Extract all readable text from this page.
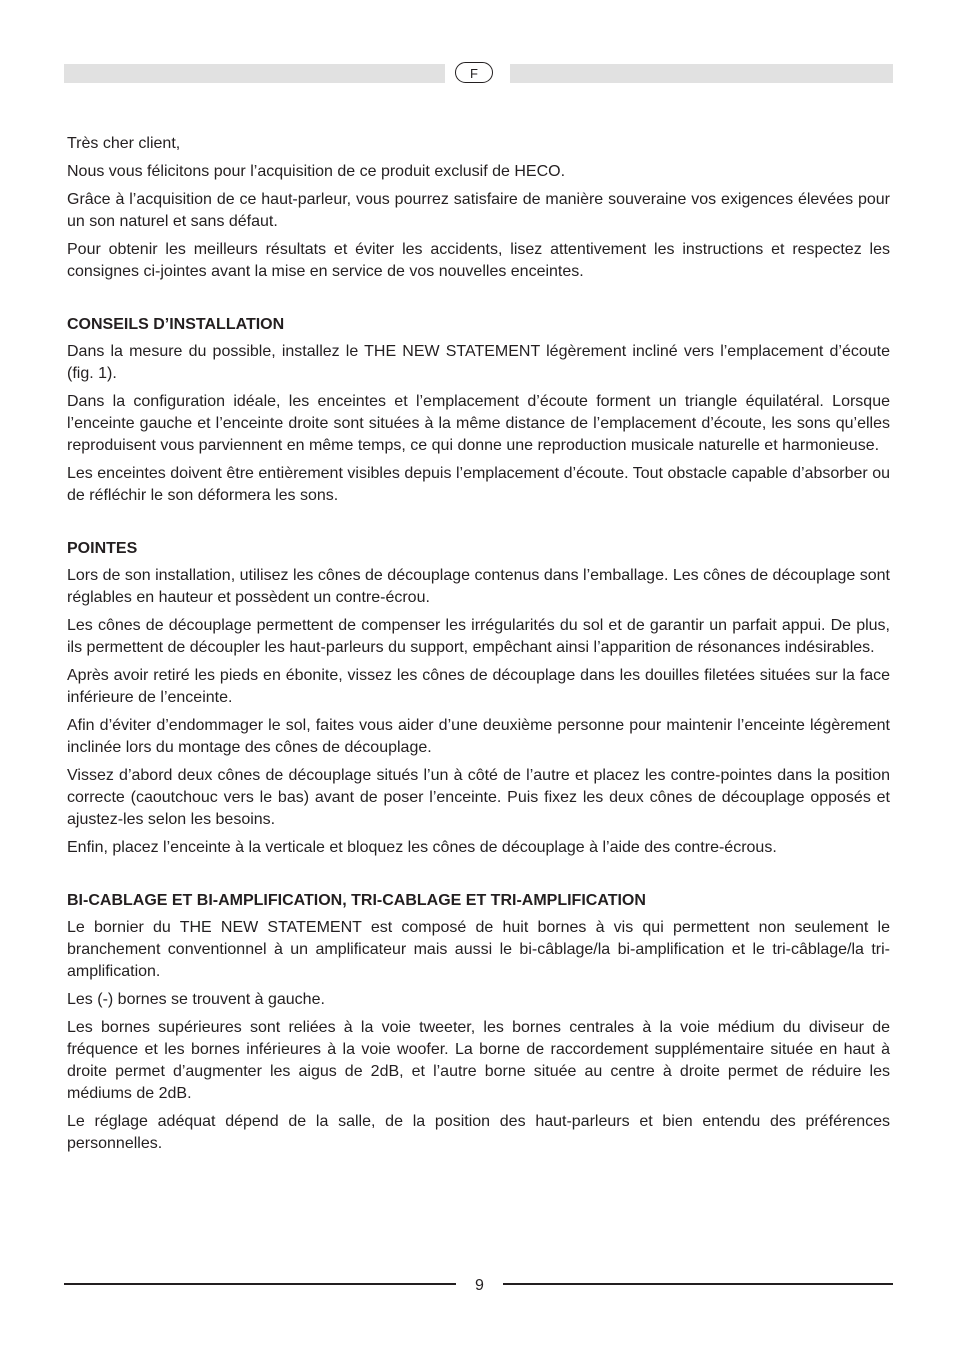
F

Très cher client,

Nous vous félicitons pour l’acquisition de ce produit exclusif de HECO.

Grâce à l’acquisition de ce haut-parleur, vous pourrez satisfaire de manière souveraine vos exigences élevées pour un son naturel et sans défaut.

Pour obtenir les meilleurs résultats et éviter les accidents, lisez attentivement les instructions et respectez les consignes ci-jointes avant la mise en service de vos nouvelles enceintes.

CONSEILS D’INSTALLATION

Dans la mesure du possible, installez le THE NEW STATEMENT légèrement incliné vers l’emplacement d’écoute (fig. 1).

Dans la configuration idéale, les enceintes et l’emplacement d’écoute forment un triangle équilatéral. Lorsque l’enceinte gauche et l’enceinte droite sont situées à la même distance de l’emplacement d’écoute, les sons qu’elles reproduisent vous parviennent en même temps, ce qui donne une reproduction musicale naturelle et harmonieuse.

Les enceintes doivent être entièrement visibles depuis l’emplacement d’écoute. Tout obstacle capable d’absorber ou de réfléchir le son déformera les sons.

POINTES

Lors de son installation, utilisez les cônes de découplage contenus dans l’emballage. Les cônes de découplage sont réglables en hauteur et possèdent un contre-écrou.

Les cônes de découplage permettent de compenser les irrégularités du sol et de garantir un parfait appui. De plus, ils permettent de découpler les haut-parleurs du support, empêchant ainsi l’apparition de résonances indésirables.

Après avoir retiré les pieds en ébonite, vissez les cônes de découplage dans les douilles filetées situées sur la face inférieure de l’enceinte.

Afin d’éviter d’endommager le sol, faites vous aider d’une deuxième personne pour maintenir l’enceinte légèrement inclinée lors du montage des cônes de découplage.

Vissez d’abord deux cônes de découplage situés l’un à côté de l’autre et placez les contre-pointes dans la position correcte (caoutchouc vers le bas) avant de poser l’enceinte. Puis fixez les deux cônes de découplage opposés et ajustez-les selon les besoins.

Enfin, placez l’enceinte à la verticale et bloquez les cônes de découplage à l’aide des contre-écrous.

BI-CABLAGE ET BI-AMPLIFICATION, TRI-CABLAGE ET TRI-AMPLIFICATION

Le bornier du THE NEW STATEMENT est composé de huit bornes à vis qui permettent non seulement le branchement conventionnel à un amplificateur mais aussi le bi-câblage/la bi-amplification et le tri-câblage/la tri-amplification.

Les (-) bornes se trouvent à gauche.

Les bornes supérieures sont reliées à la voie tweeter, les bornes centrales à la voie médium du diviseur de fréquence et les bornes inférieures à la voie woofer. La borne de raccordement supplémentaire située en haut à droite permet d’augmenter les aigus de 2dB, et l’autre borne située au centre à droite permet de réduire les médiums de 2dB.

Le réglage adéquat dépend de la salle, de la position des haut-parleurs et bien entendu des préférences personnelles.

9
